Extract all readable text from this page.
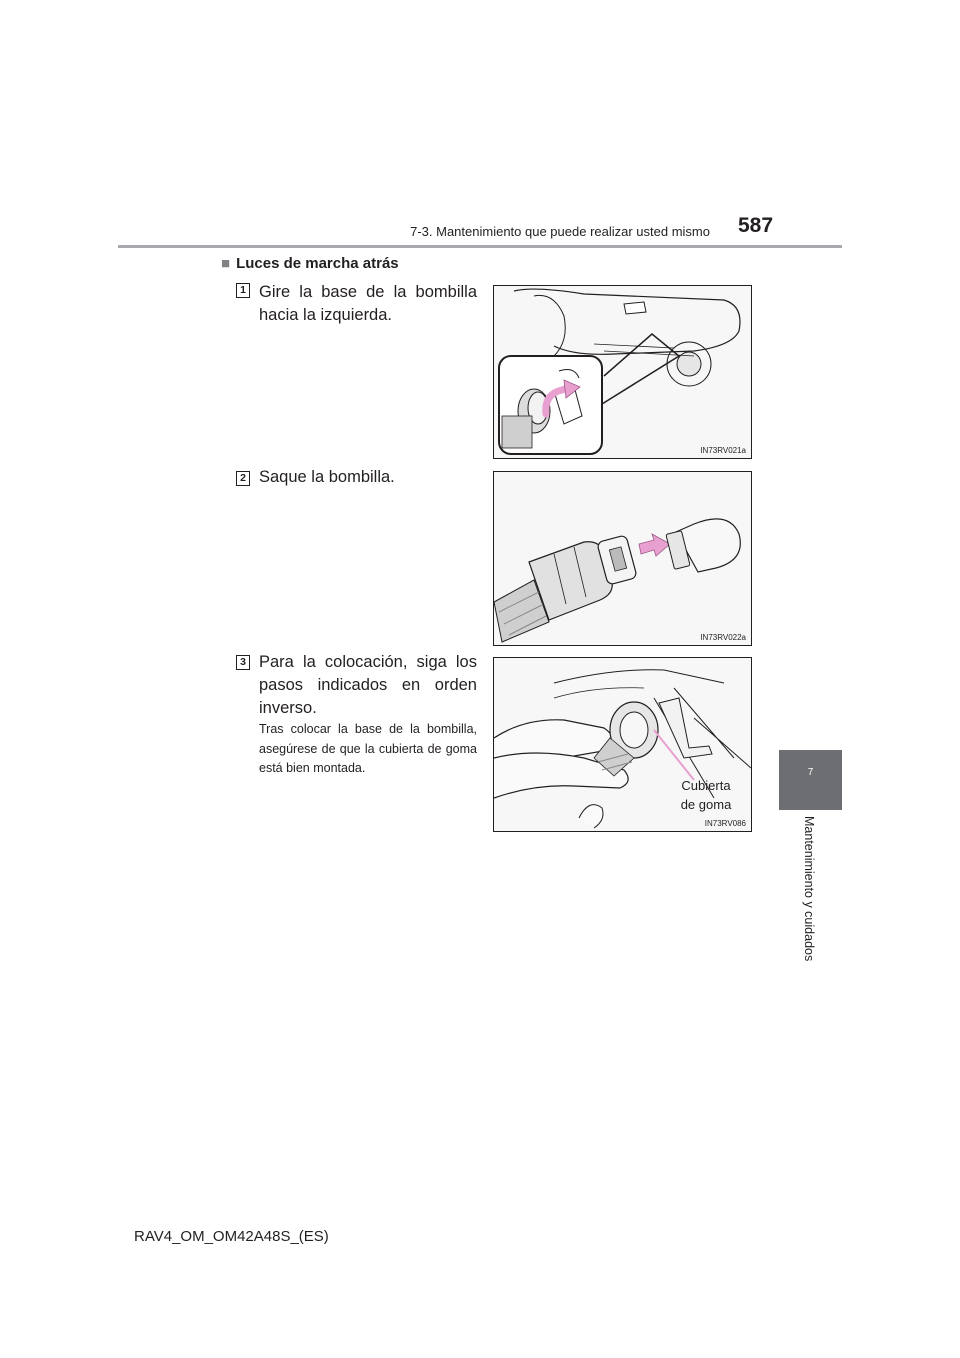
7-3. Mantenimiento que puede realizar usted mismo 587
7
Mantenimiento y cuidados
■ Luces de marcha atrás
1 Gire la base de la bombilla hacia la izquierda.
2 Saque la bombilla.
3 Para la colocación, siga los pasos indicados en orden inverso.
Tras colocar la base de la bombilla, asegúrese de que la cubierta de goma está bien montada.
IN73RV021a
IN73RV022a
Cubierta de goma
IN73RV086
RAV4_OM_OM42A48S_(ES)
